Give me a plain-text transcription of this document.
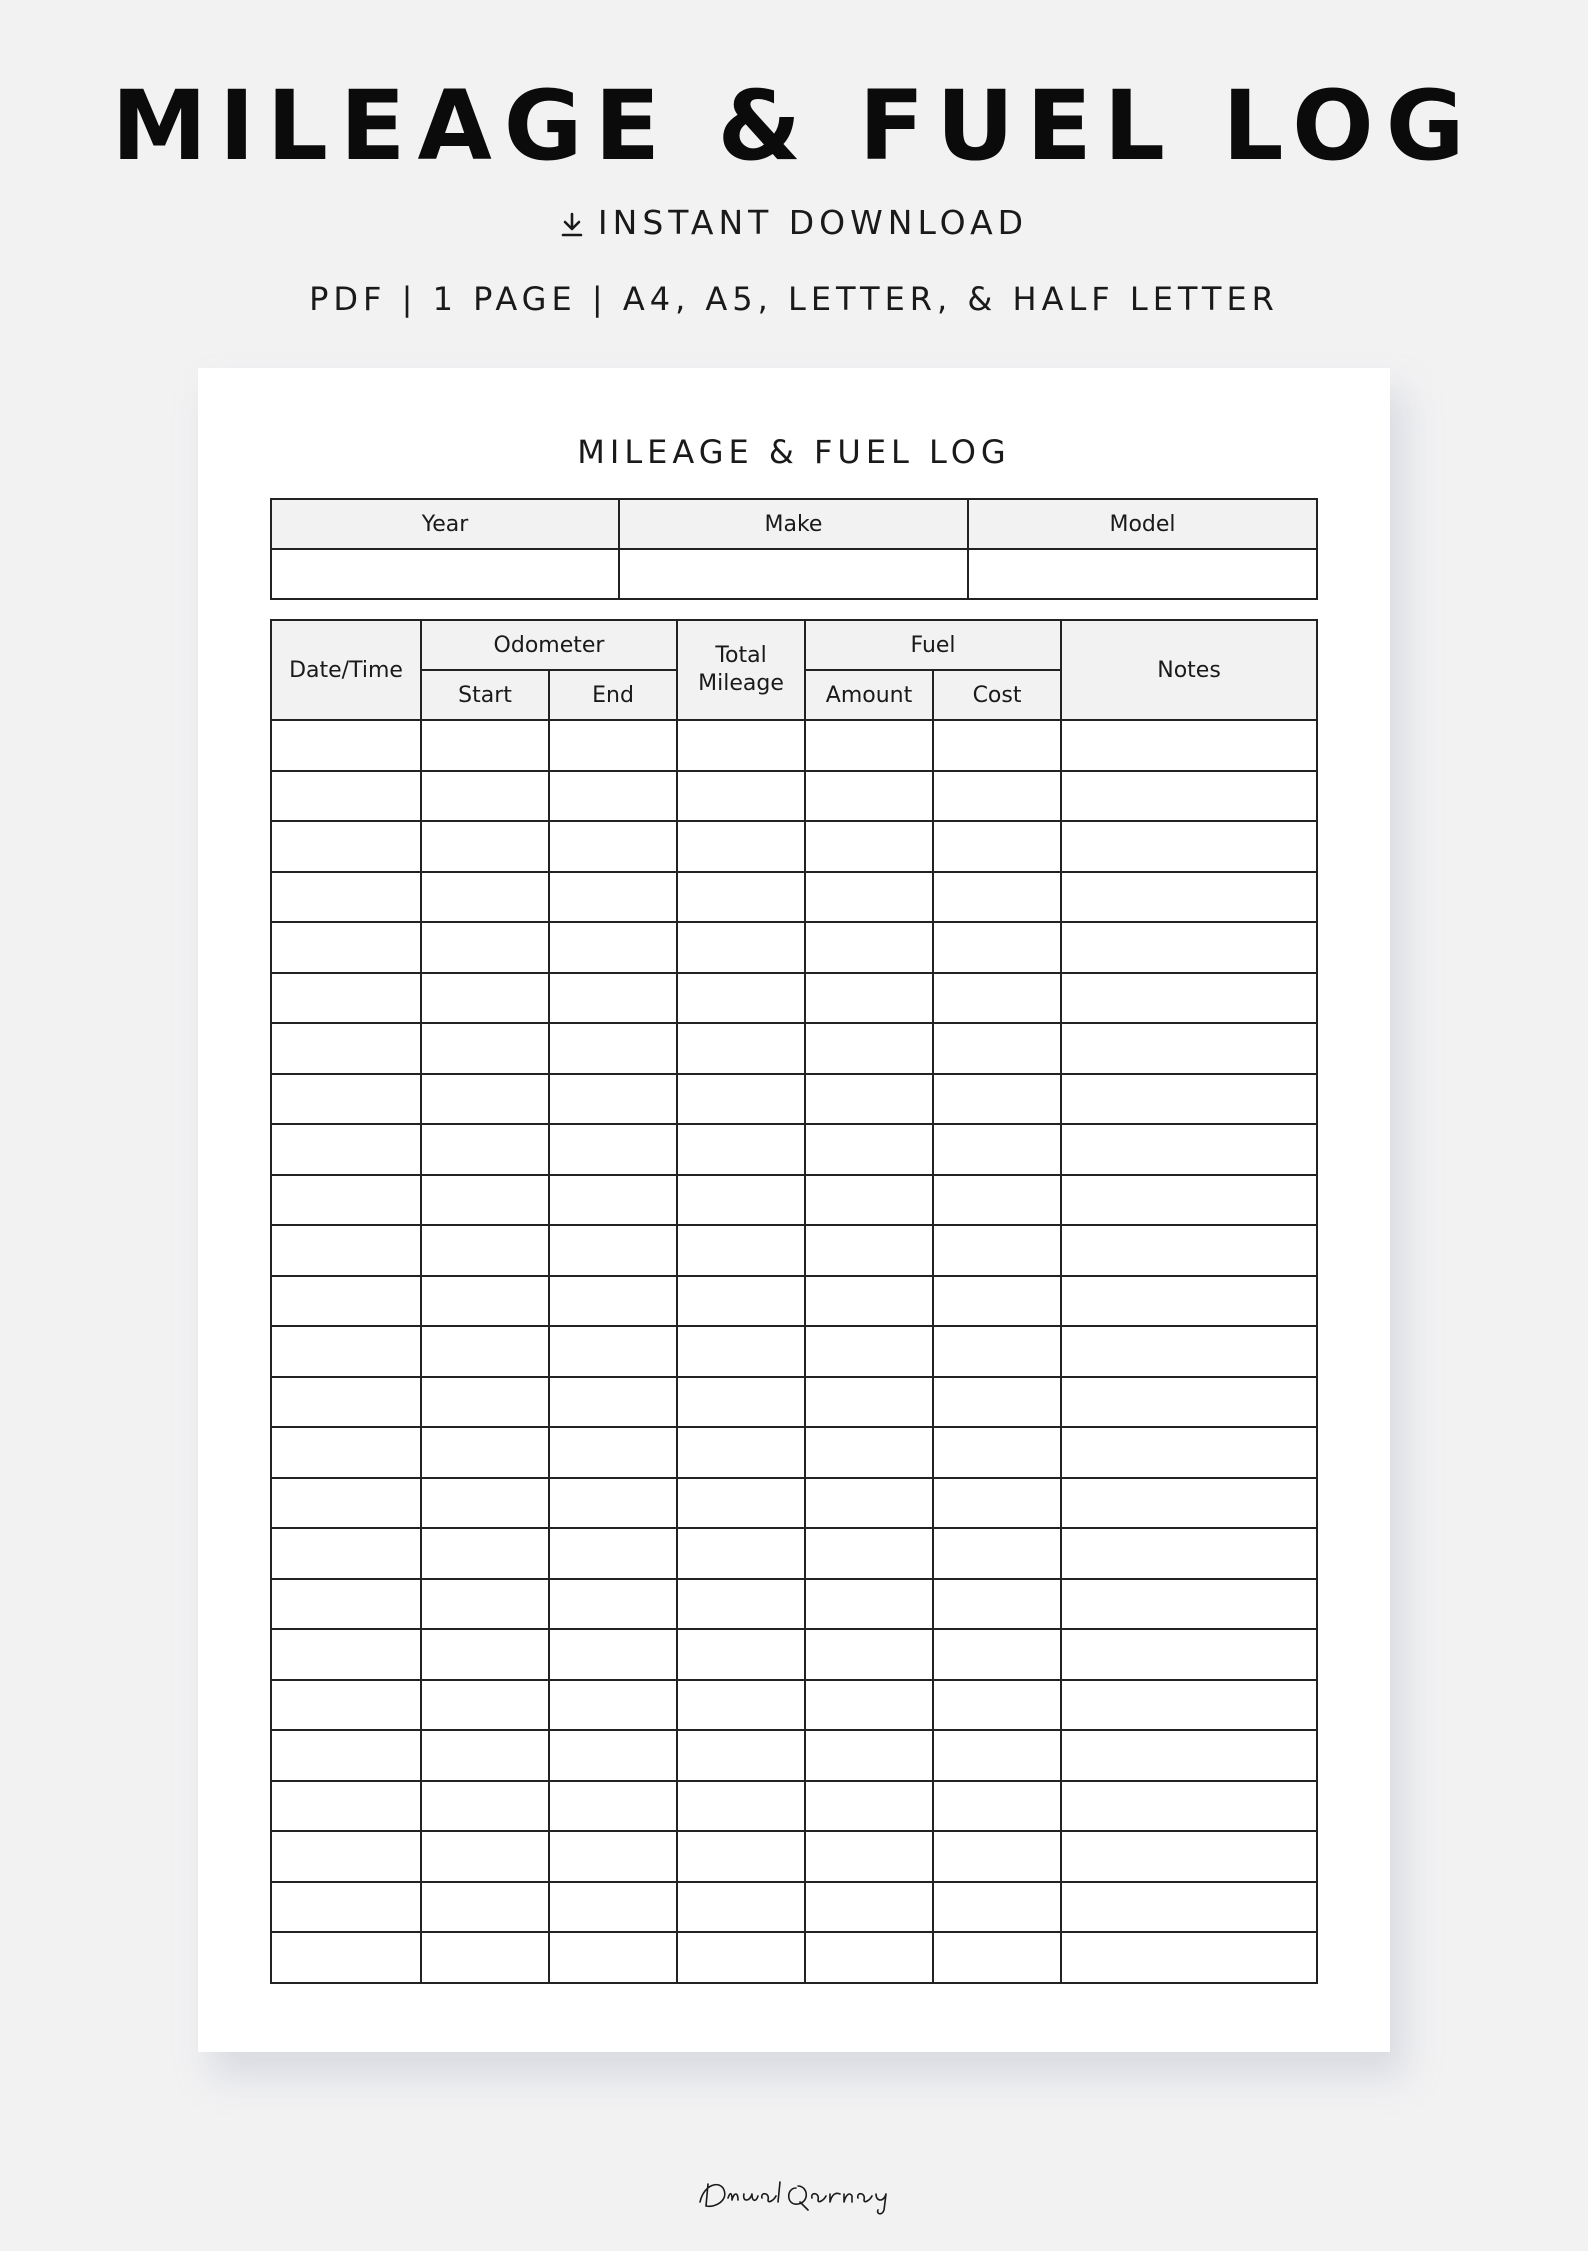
MILEAGE & FUEL LOG
INSTANT DOWNLOAD
PDF | 1 PAGE | A4, A5, LETTER, & HALF LETTER
MILEAGE & FUEL LOG
Year	Make	Model

Date/Time	Odometer		Total Mileage	Fuel		Notes
	Start	End		Amount	Cost	
